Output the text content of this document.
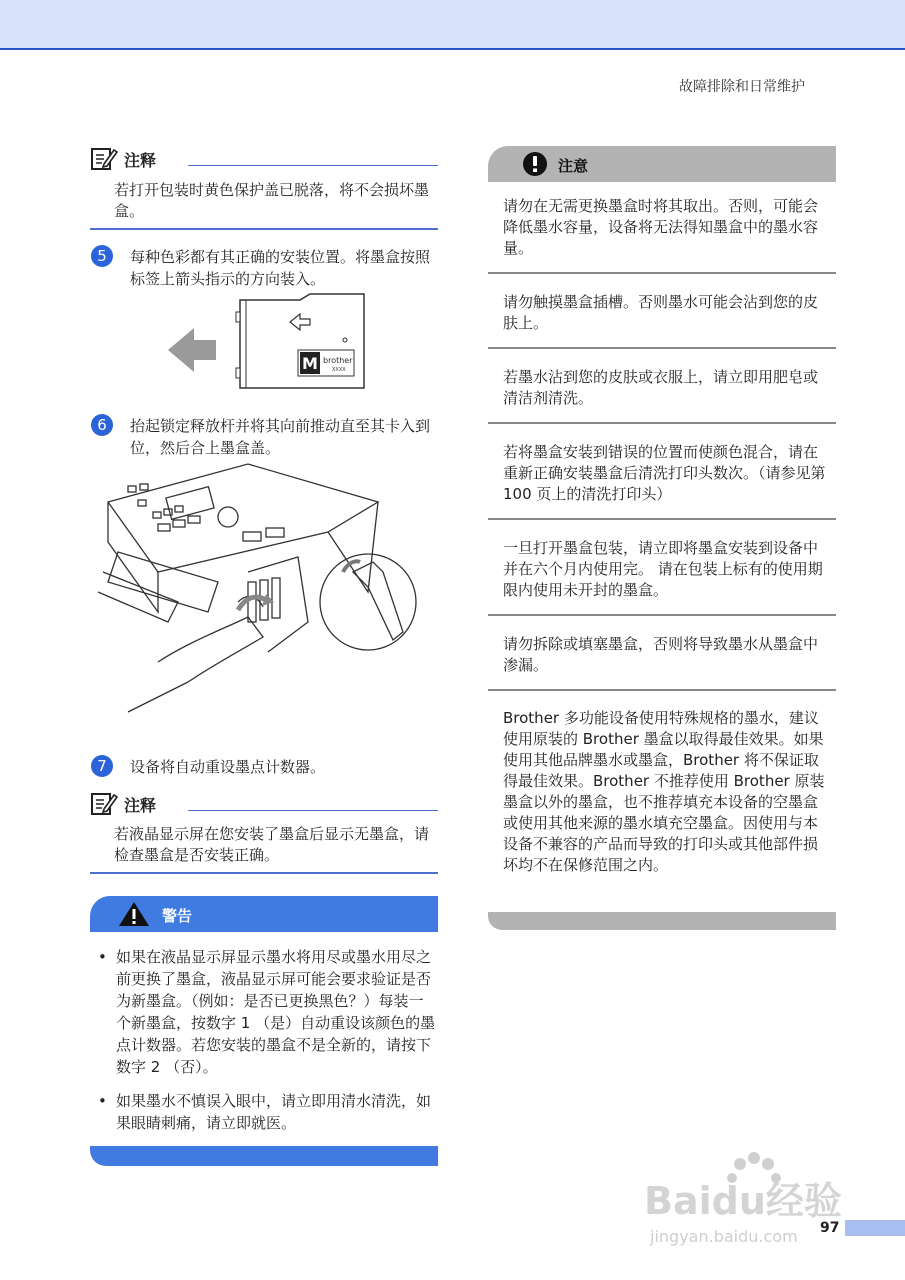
故障排除和日常维护
注释
若打开包装时黄色保护盖已脱落，将不会损坏墨盒。
5	每种色彩都有其正确的安装位置。将墨盒按照标签上箭头指示的方向装入。
M brother
XXXX
6	抬起锁定释放杆并将其向前推动直至其卡入到位，然后合上墨盒盖。
7	设备将自动重设墨点计数器。
注释
若液晶显示屏在您安装了墨盒后显示无墨盒，请检查墨盒是否安装正确。
警告
• 如果在液晶显示屏显示墨水将用尽或墨水用尽之前更换了墨盒，液晶显示屏可能会要求验证是否为新墨盒。（例如：是否已更换黑色？）每装一个新墨盒，按数字 1 （是）自动重设该颜色的墨点计数器。若您安装的墨盒不是全新的，请按下数字 2 （否）。
• 如果墨水不慎误入眼中，请立即用清水清洗，如果眼睛刺痛，请立即就医。
注意
请勿在无需更换墨盒时将其取出。否则，可能会降低墨水容量，设备将无法得知墨盒中的墨水容量。
请勿触摸墨盒插槽。否则墨水可能会沾到您的皮肤上。
若墨水沾到您的皮肤或衣服上，请立即用肥皂或清洁剂清洗。
若将墨盒安装到错误的位置而使颜色混合，请在重新正确安装墨盒后清洗打印头数次。（请参见第 100 页上的清洗打印头）
一旦打开墨盒包装，请立即将墨盒安装到设备中并在六个月内使用完。 请在包装上标有的使用期限内使用未开封的墨盒。
请勿拆除或填塞墨盒，否则将导致墨水从墨盒中渗漏。
Brother 多功能设备使用特殊规格的墨水，建议使用原装的 Brother 墨盒以取得最佳效果。如果使用其他品牌墨水或墨盒，Brother 将不保证取得最佳效果。Brother 不推荐使用 Brother 原装墨盒以外的墨盒，也不推荐填充本设备的空墨盒或使用其他来源的墨水填充空墨盒。因使用与本设备不兼容的产品而导致的打印头或其他部件损坏均不在保修范围之内。
Baidu经验
jingyan.baidu.com 97
